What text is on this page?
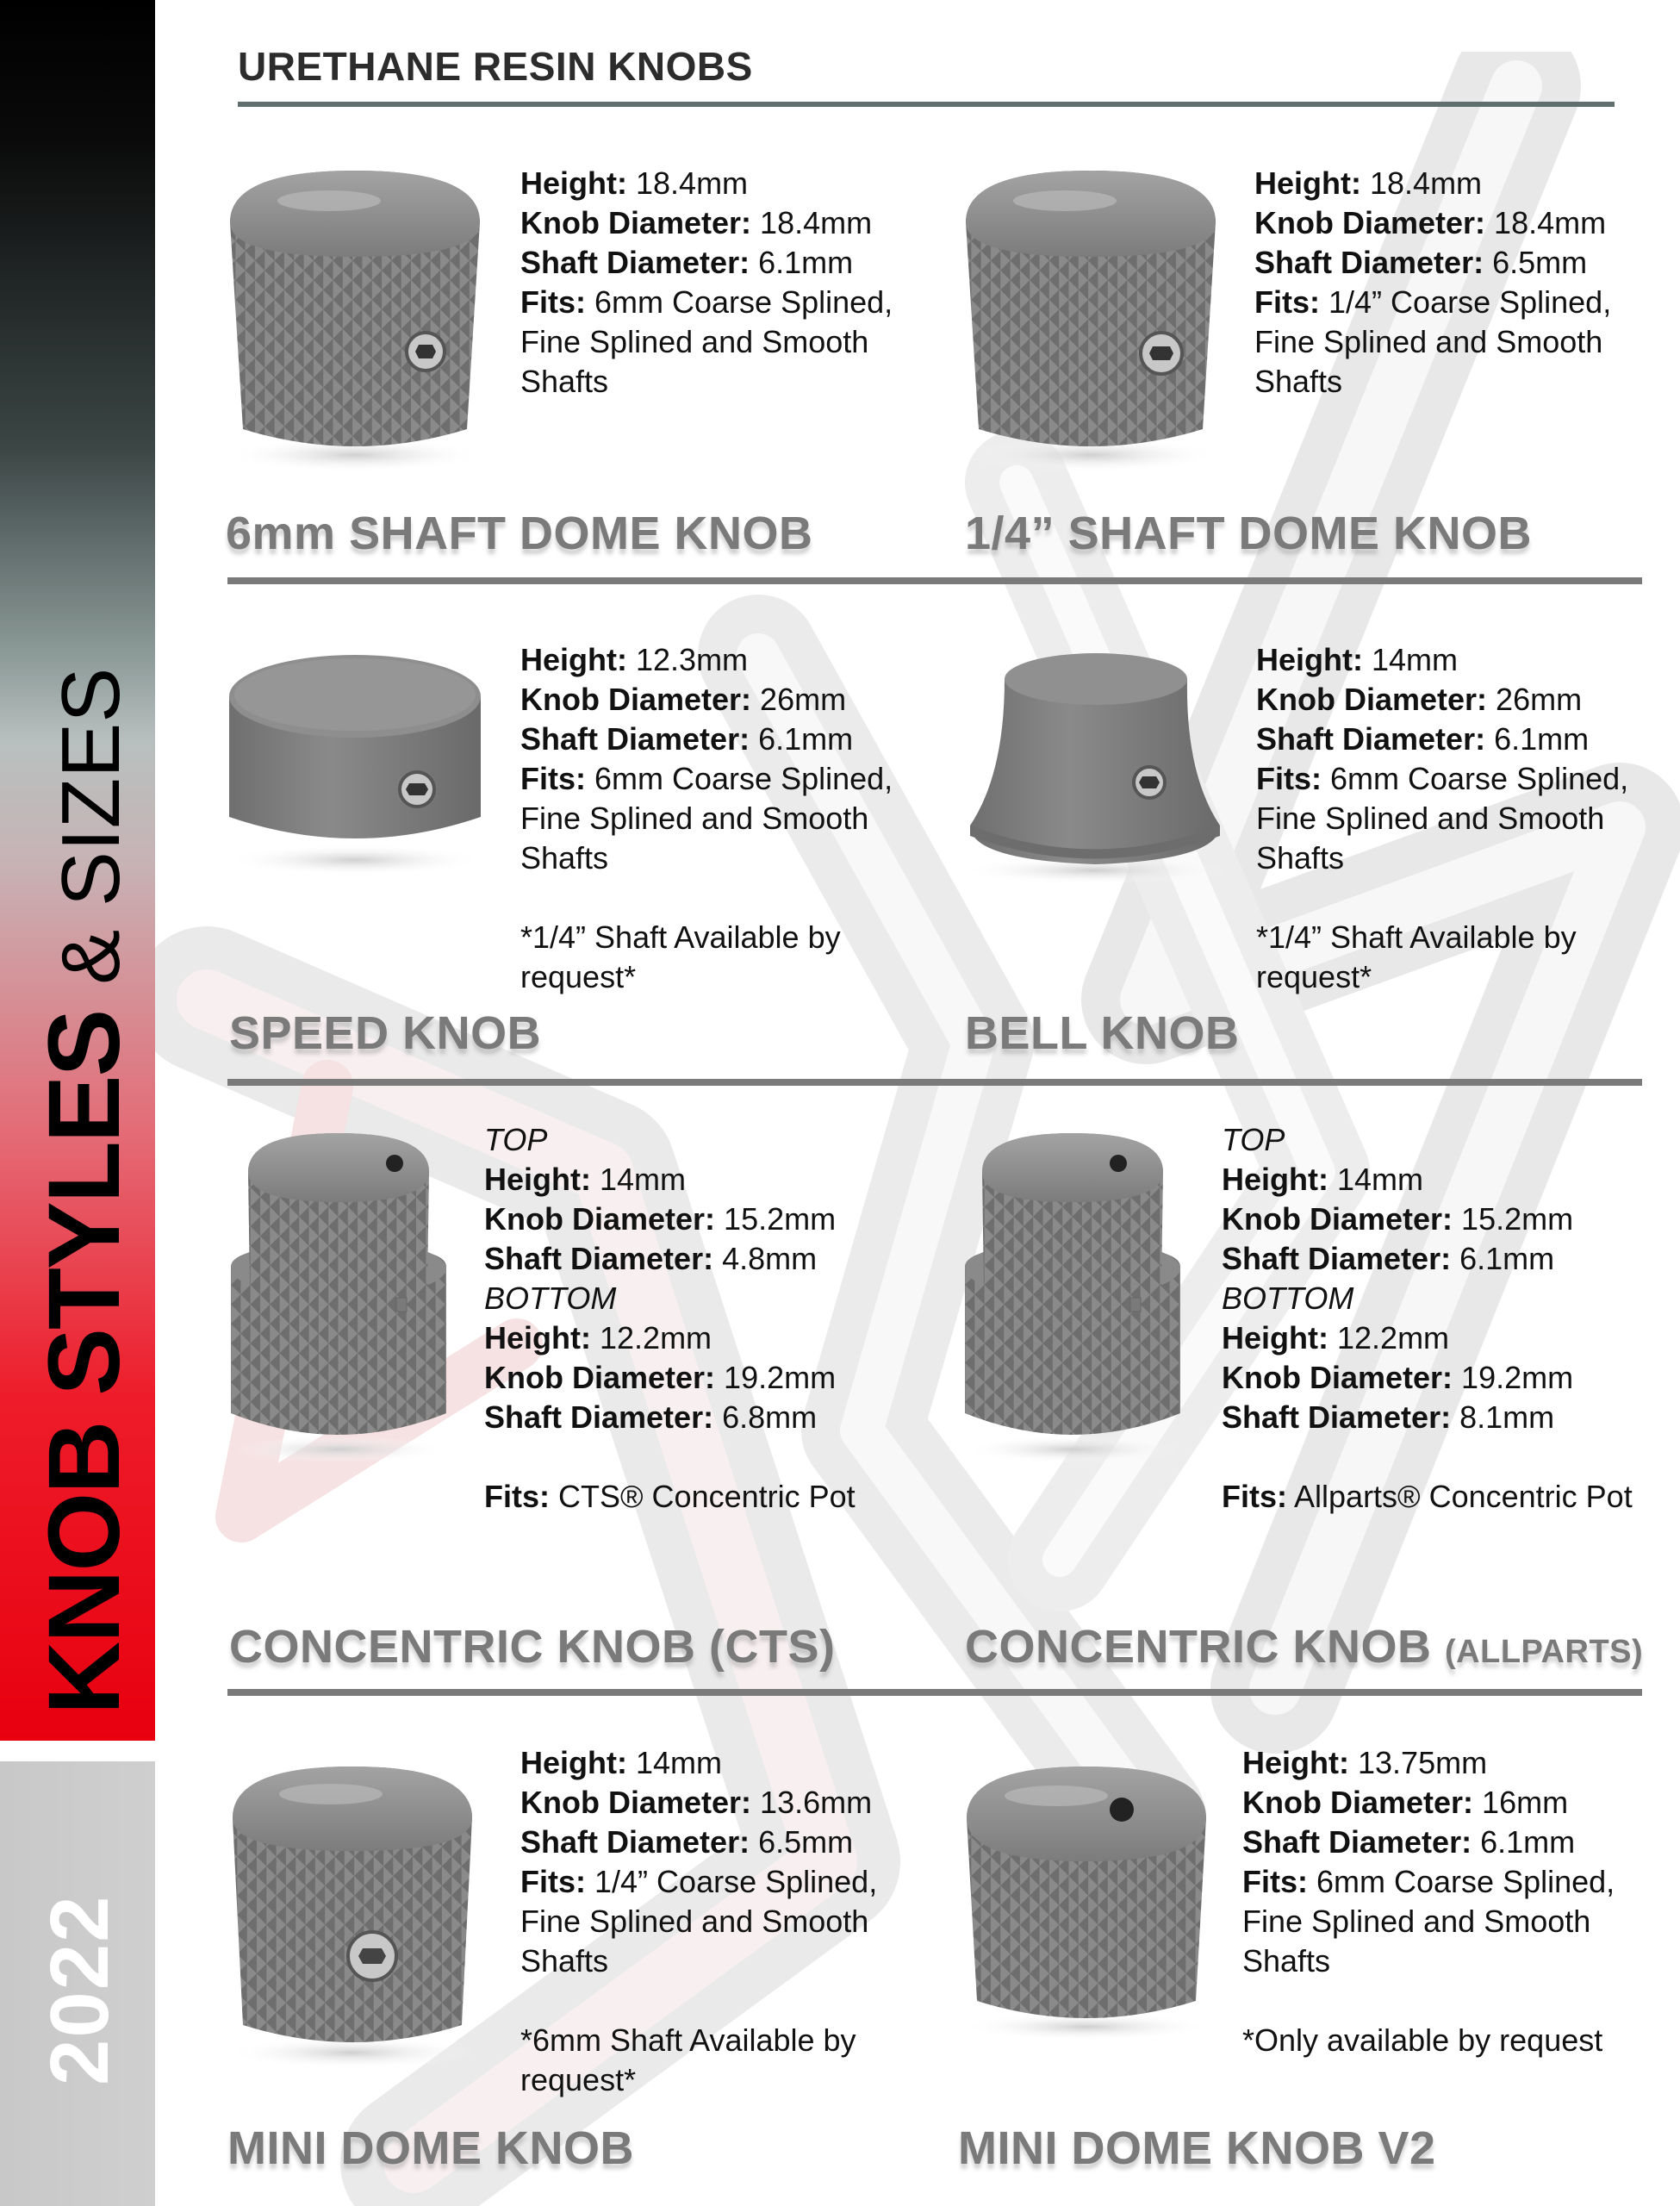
KNOB STYLES& SIZES
2022
URETHANE RESIN KNOBS
Height: 18.4mm
Knob Diameter: 18.4mm
Shaft Diameter: 6.1mm
Fits: 6mm Coarse Splined,
Fine Splined and Smooth
Shafts
Height: 18.4mm
Knob Diameter: 18.4mm
Shaft Diameter: 6.5mm
Fits: 1/4” Coarse Splined,
Fine Splined and Smooth
Shafts
6mm SHAFT DOME KNOB	1/4” SHAFT DOME KNOB
Height: 12.3mm
Knob Diameter: 26mm
Shaft Diameter: 6.1mm
Fits: 6mm Coarse Splined,
Fine Splined and Smooth
Shafts
*1/4” Shaft Available by
request*
Height: 14mm
Knob Diameter: 26mm
Shaft Diameter: 6.1mm
Fits: 6mm Coarse Splined,
Fine Splined and Smooth
Shafts
*1/4” Shaft Available by
request*
SPEED KNOB	BELL KNOB
TOP
Height: 14mm
Knob Diameter: 15.2mm
Shaft Diameter: 4.8mm
BOTTOM
Height: 12.2mm
Knob Diameter: 19.2mm
Shaft Diameter: 6.8mm
Fits: CTS® Concentric Pot
TOP
Height: 14mm
Knob Diameter: 15.2mm
Shaft Diameter: 6.1mm
BOTTOM
Height: 12.2mm
Knob Diameter: 19.2mm
Shaft Diameter: 8.1mm
Fits: Allparts® Concentric Pot
CONCENTRIC KNOB (CTS)	CONCENTRIC KNOB (ALLPARTS)
Height: 14mm
Knob Diameter: 13.6mm
Shaft Diameter: 6.5mm
Fits: 1/4” Coarse Splined,
Fine Splined and Smooth
Shafts
*6mm Shaft Available by
request*
Height: 13.75mm
Knob Diameter: 16mm
Shaft Diameter: 6.1mm
Fits: 6mm Coarse Splined,
Fine Splined and Smooth
Shafts
*Only available by request
MINI DOME KNOB	MINI DOME KNOB V2
